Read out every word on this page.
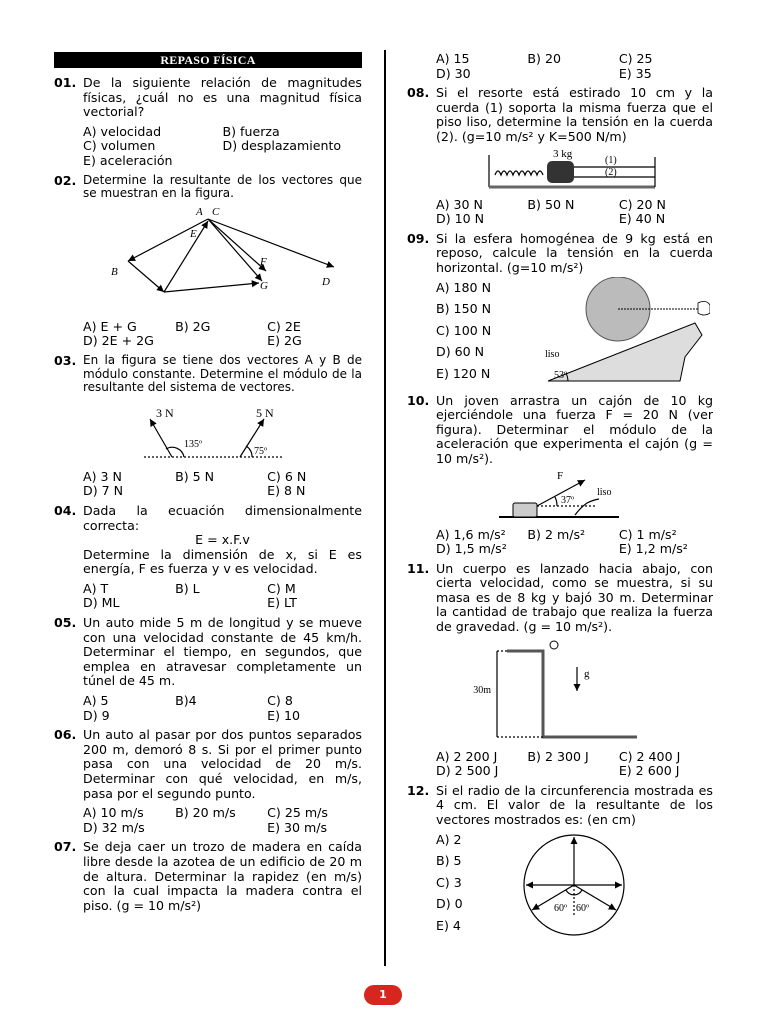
REPASO FÍSICA
01. De la siguiente relación de magnitudes físicas, ¿cuál no es una magnitud física vectorial?
A) velocidad	B) fuerza
C) volumen	D) desplazamiento
E) aceleración
02. Determine la resultante de los vectores que se muestran en la figura.
A C
E
B
F
G	D
A) E + G	B) 2G	C) 2E
D) 2E + 2G	E) 2G
03. En la figura se tiene dos vectores A y B de módulo constante. Determine el módulo de la resultante del sistema de vectores.
3 N	5 N
135º
75º
A) 3 N	B) 5 N	C) 6 N
D) 7 N	E) 8 N
04. Dada la ecuación dimensionalmente correcta:
E = x.F.v
Determine la dimensión de x, si E es energía, F es fuerza y v es velocidad.
A) T	B) L	C) M
D) ML	E) LT
05. Un auto mide 5 m de longitud y se mueve con una velocidad constante de 45 km/h. Determinar el tiempo, en segundos, que emplea en atravesar completamente un túnel de 45 m.
A) 5	B)4	C) 8
D) 9	E) 10
06. Un auto al pasar por dos puntos separados 200 m, demoró 8 s. Si por el primer punto pasa con una velocidad de 20 m/s. Determinar con qué velocidad, en m/s, pasa por el segundo punto.
A) 10 m/s	B) 20 m/s	C) 25 m/s
D) 32 m/s	E) 30 m/s
07. Se deja caer un trozo de madera en caída libre desde la azotea de un edificio de 20 m de altura. Determinar la rapidez (en m/s) con la cual impacta la madera contra el piso. (g = 10 m/s²)
A) 15	B) 20	C) 25
D) 30	E) 35
08. Si el resorte está estirado 10 cm y la cuerda (1) soporta la misma fuerza que el piso liso, determine la tensión en la cuerda (2). (g=10 m/s² y K=500 N/m)
3 kg
(1)
(2)
A) 30 N	B) 50 N	C) 20 N
D) 10 N	E) 40 N
09. Si la esfera homogénea de 9 kg está en reposo, calcule la tensión en la cuerda horizontal. (g=10 m/s²)
A) 180 N
B) 150 N
C) 100 N
D) 60 N
E) 120 N
liso
53º
10. Un joven arrastra un cajón de 10 kg ejerciéndole una fuerza F = 20 N (ver figura). Determinar el módulo de la aceleración que experimenta el cajón (g = 10 m/s²).
F
37º
liso
A) 1,6 m/s²	B) 2 m/s²	C) 1 m/s²
D) 1,5 m/s²	E) 1,2 m/s²
11. Un cuerpo es lanzado hacia abajo, con cierta velocidad, como se muestra, si su masa es de 8 kg y bajó 30 m. Determinar la cantidad de trabajo que realiza la fuerza de gravedad. (g = 10 m/s²).
30m
g
A) 2 200 J	B) 2 300 J	C) 2 400 J
D) 2 500 J	E) 2 600 J
12. Si el radio de la circunferencia mostrada es 4 cm. El valor de la resultante de los vectores mostrados es: (en cm)
A) 2
B) 5
C) 3
D) 0
E) 4
60º 60º
1
